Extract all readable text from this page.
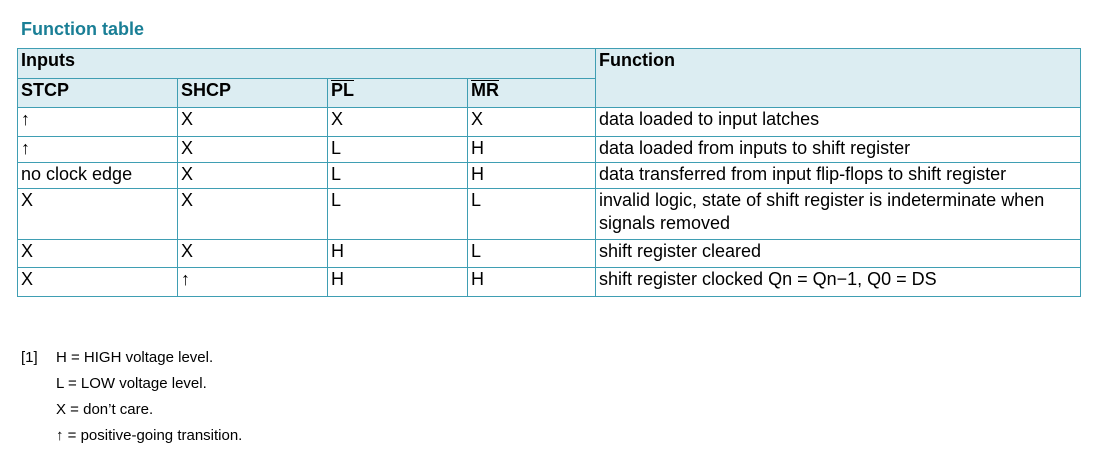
Function table
Inputs				Function
STCP	SHCP	PL	MR	
↑	X	X	X	data loaded to input latches
↑	X	L	H	data loaded from inputs to shift register
no clock edge	X	L	H	data transferred from input flip-flops to shift register
X	X	L	L	invalid logic, state of shift register is indeterminate when signals removed
X	X	H	L	shift register cleared
X	↑	H	H	shift register clocked Qn = Qn−1, Q0 = DS
[1]	H = HIGH voltage level.
L = LOW voltage level.
X = don’t care.
↑ = positive-going transition.
